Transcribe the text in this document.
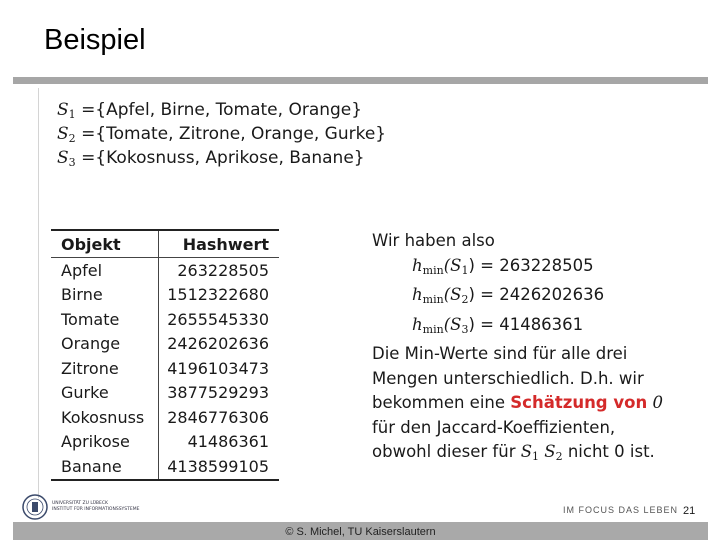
Beispiel
$S_1$ ={Apfel, Birne, Tomate, Orange}
$S_2$ ={Tomate, Zitrone, Orange, Gurke}
$S_3$ ={Kokosnuss, Aprikose, Banane}
Objekt	Hashwert
Apfel	263228505
Birne	1512322680
Tomate	2655545330
Orange	2426202636
Zitrone	4196103473
Gurke	3877529293
Kokosnuss	2846776306
Aprikose	41486361
Banane	4138599105
Wir haben also
$h_{min}(S_1) = 263228505$
$h_{min}(S_2) = 2426202636$
$h_{min}(S_3) = 41486361$
Die Min-Werte sind für alle drei
Mengen unterschiedlich. D.h. wir
bekommen eine Schätzung von 0
für den Jaccard-Koeffizienten,
obwohl dieser für $S_1$ $S_2$ nicht 0 ist.
UNIVERSITÄT ZU LÜBECK
INSTITUT FÜR INFORMATIONSSYSTEME	IM FOCUS DAS LEBEN 21
© S. Michel, TU Kaiserslautern
